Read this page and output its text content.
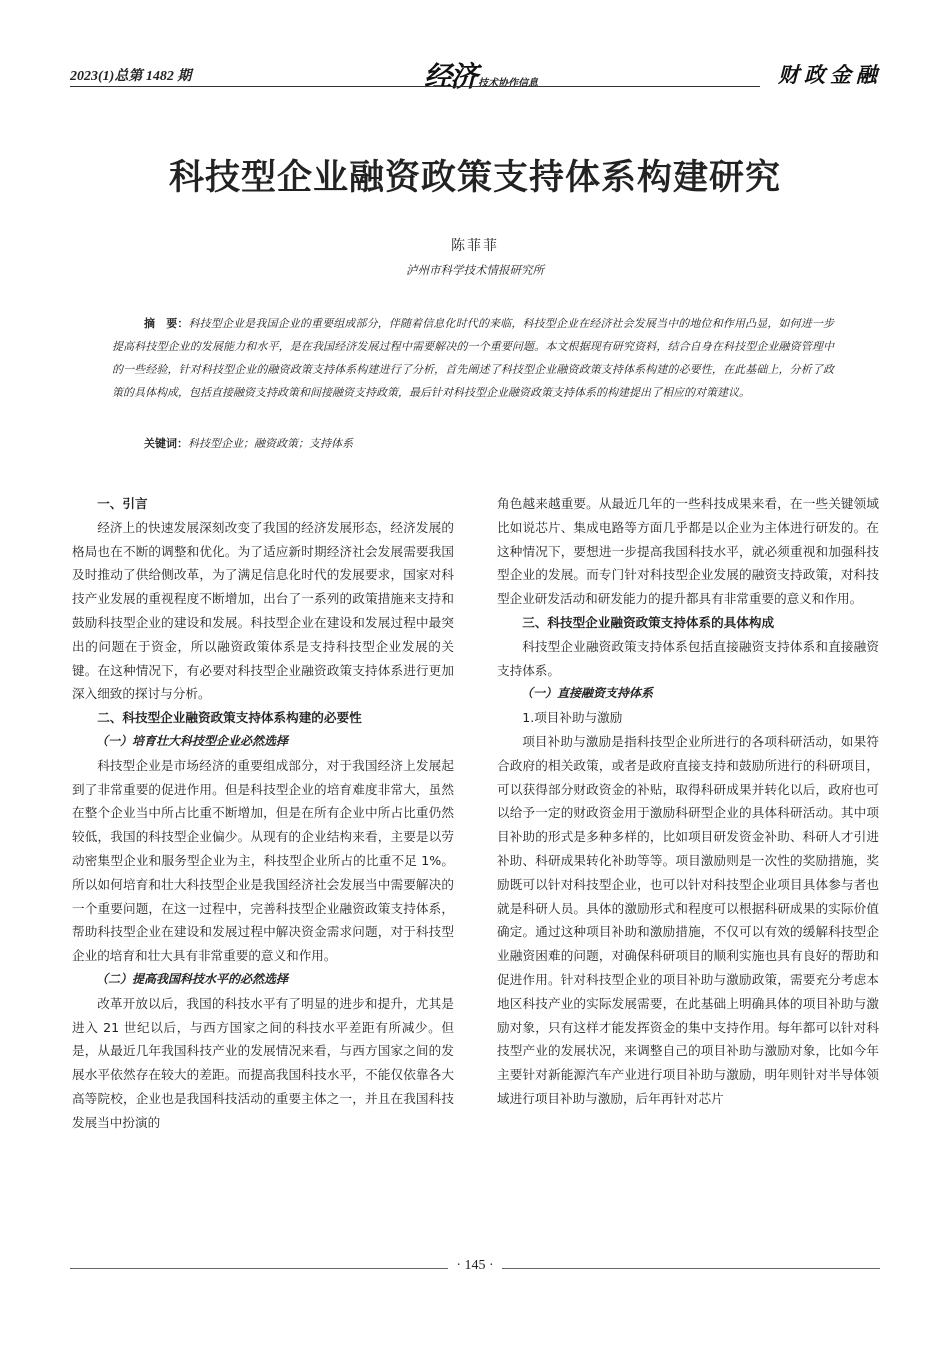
2023(1)总第 1482 期	经济 技术协作信息	财政金融
科技型企业融资政策支持体系构建研究
陈菲菲
泸州市科学技术情报研究所
摘　要：科技型企业是我国企业的重要组成部分，伴随着信息化时代的来临，科技型企业在经济社会发展当中的地位和作用凸显，如何进一步提高科技型企业的发展能力和水平，是在我国经济发展过程中需要解决的一个重要问题。本文根据现有研究资料，结合自身在科技型企业融资管理中的一些经验，针对科技型企业的融资政策支持体系构建进行了分析，首先阐述了科技型企业融资政策支持体系构建的必要性，在此基础上，分析了政策的具体构成，包括直接融资支持政策和间接融资支持政策，最后针对科技型企业融资政策支持体系的构建提出了相应的对策建议。
关键词：科技型企业；融资政策；支持体系
一、引言

经济上的快速发展深刻改变了我国的经济发展形态，经济发展的格局也在不断的调整和优化。为了适应新时期经济社会发展需要我国及时推动了供给侧改革，为了满足信息化时代的发展要求，国家对科技产业发展的重视程度不断增加，出台了一系列的政策措施来支持和鼓励科技型企业的建设和发展。科技型企业在建设和发展过程中最突出的问题在于资金，所以融资政策体系是支持科技型企业发展的关键。在这种情况下，有必要对科技型企业融资政策支持体系进行更加深入细致的探讨与分析。

二、科技型企业融资政策支持体系构建的必要性
（一）培育壮大科技型企业必然选择

科技型企业是市场经济的重要组成部分，对于我国经济上发展起到了非常重要的促进作用。但是科技型企业的培育难度非常大，虽然在整个企业当中所占比重不断增加，但是在所有企业中所占比重仍然较低，我国的科技型企业偏少。从现有的企业结构来看，主要是以劳动密集型企业和服务型企业为主，科技型企业所占的比重不足 1%。所以如何培育和壮大科技型企业是我国经济社会发展当中需要解决的一个重要问题，在这一过程中，完善科技型企业融资政策支持体系，帮助科技型企业在建设和发展过程中解决资金需求问题，对于科技型企业的培育和壮大具有非常重要的意义和作用。

（二）提高我国科技水平的必然选择

改革开放以后，我国的科技水平有了明显的进步和提升，尤其是进入 21 世纪以后，与西方国家之间的科技水平差距有所减少。但是，从最近几年我国科技产业的发展情况来看，与西方国家之间的发展水平依然存在较大的差距。而提高我国科技水平，不能仅依靠各大高等院校，企业也是我国科技活动的重要主体之一，并且在我国科技发展当中扮演的

角色越来越重要。从最近几年的一些科技成果来看，在一些关键领域比如说芯片、集成电路等方面几乎都是以企业为主体进行研发的。在这种情况下，要想进一步提高我国科技水平，就必须重视和加强科技型企业的发展。而专门针对科技型企业发展的融资支持政策，对科技型企业研发活动和研发能力的提升都具有非常重要的意义和作用。

三、科技型企业融资政策支持体系的具体构成

科技型企业融资政策支持体系包括直接融资支持体系和直接融资支持体系。

（一）直接融资支持体系
1.项目补助与激励

项目补助与激励是指科技型企业所进行的各项科研活动，如果符合政府的相关政策，或者是政府直接支持和鼓励所进行的科研项目，可以获得部分财政资金的补贴，取得科研成果并转化以后，政府也可以给予一定的财政资金用于激励科研型企业的具体科研活动。其中项目补助的形式是多种多样的，比如项目研发资金补助、科研人才引进补助、科研成果转化补助等等。项目激励则是一次性的奖励措施，奖励既可以针对科技型企业，也可以针对科技型企业项目具体参与者也就是科研人员。具体的激励形式和程度可以根据科研成果的实际价值确定。通过这种项目补助和激励措施，不仅可以有效的缓解科技型企业融资困难的问题，对确保科研项目的顺利实施也具有良好的帮助和促进作用。针对科技型企业的项目补助与激励政策，需要充分考虑本地区科技产业的实际发展需要，在此基础上明确具体的项目补助与激励对象，只有这样才能发挥资金的集中支持作用。每年都可以针对科技型产业的发展状况，来调整自己的项目补助与激励对象，比如今年主要针对新能源汽车产业进行项目补助与激励，明年则针对半导体领域进行项目补助与激励，后年再针对芯片

· 145 ·
